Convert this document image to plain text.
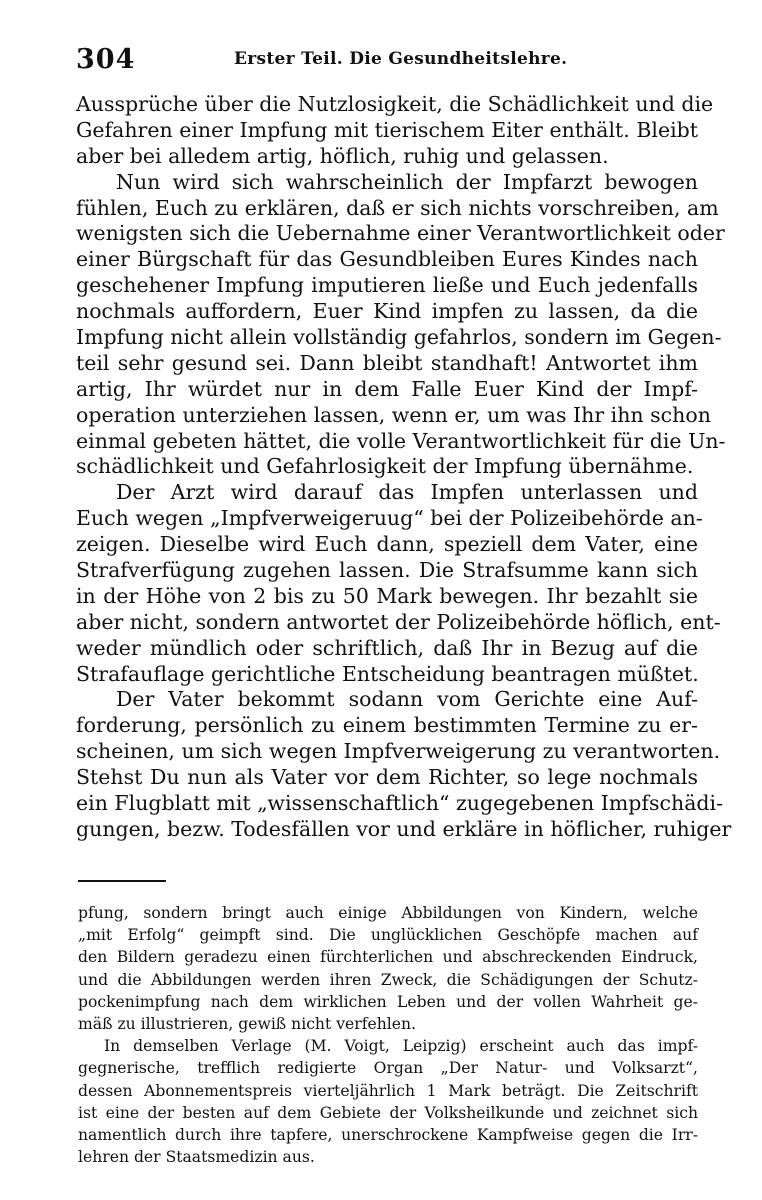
304	Erster Teil. Die Gesundheitslehre.
Aussprüche über die Nutzlosigkeit, die Schädlichkeit und die
Gefahren einer Impfung mit tierischem Eiter enthält. Bleibt
aber bei alledem artig, höflich, ruhig und gelassen.
Nun wird sich wahrscheinlich der Impfarzt bewogen
fühlen, Euch zu erklären, daß er sich nichts vorschreiben, am
wenigsten sich die Uebernahme einer Verantwortlichkeit oder
einer Bürgschaft für das Gesundbleiben Eures Kindes nach
geschehener Impfung imputieren ließe und Euch jedenfalls
nochmals auffordern, Euer Kind impfen zu lassen, da die
Impfung nicht allein vollständig gefahrlos, sondern im Gegen-
teil sehr gesund sei. Dann bleibt standhaft! Antwortet ihm
artig, Ihr würdet nur in dem Falle Euer Kind der Impf-
operation unterziehen lassen, wenn er, um was Ihr ihn schon
einmal gebeten hättet, die volle Verantwortlichkeit für die Un-
schädlichkeit und Gefahrlosigkeit der Impfung übernähme.
Der Arzt wird darauf das Impfen unterlassen und
Euch wegen „Impfverweigeruug“ bei der Polizeibehörde an-
zeigen. Dieselbe wird Euch dann, speziell dem Vater, eine
Strafverfügung zugehen lassen. Die Strafsumme kann sich
in der Höhe von 2 bis zu 50 Mark bewegen. Ihr bezahlt sie
aber nicht, sondern antwortet der Polizeibehörde höflich, ent-
weder mündlich oder schriftlich, daß Ihr in Bezug auf die
Strafauflage gerichtliche Entscheidung beantragen müßtet.
Der Vater bekommt sodann vom Gerichte eine Auf-
forderung, persönlich zu einem bestimmten Termine zu er-
scheinen, um sich wegen Impfverweigerung zu verantworten.
Stehst Du nun als Vater vor dem Richter, so lege nochmals
ein Flugblatt mit „wissenschaftlich“ zugegebenen Impfschädi-
gungen, bezw. Todesfällen vor und erkläre in höflicher, ruhiger
pfung, sondern bringt auch einige Abbildungen von Kindern, welche
„mit Erfolg“ geimpft sind. Die unglücklichen Geschöpfe machen auf
den Bildern geradezu einen fürchterlichen und abschreckenden Eindruck,
und die Abbildungen werden ihren Zweck, die Schädigungen der Schutz-
pockenimpfung nach dem wirklichen Leben und der vollen Wahrheit ge-
mäß zu illustrieren, gewiß nicht verfehlen.
In demselben Verlage (M. Voigt, Leipzig) erscheint auch das impf-
gegnerische, trefflich redigierte Organ „Der Natur- und Volksarzt“,
dessen Abonnementspreis vierteljährlich 1 Mark beträgt. Die Zeitschrift
ist eine der besten auf dem Gebiete der Volksheilkunde und zeichnet sich
namentlich durch ihre tapfere, unerschrockene Kampfweise gegen die Irr-
lehren der Staatsmedizin aus.
